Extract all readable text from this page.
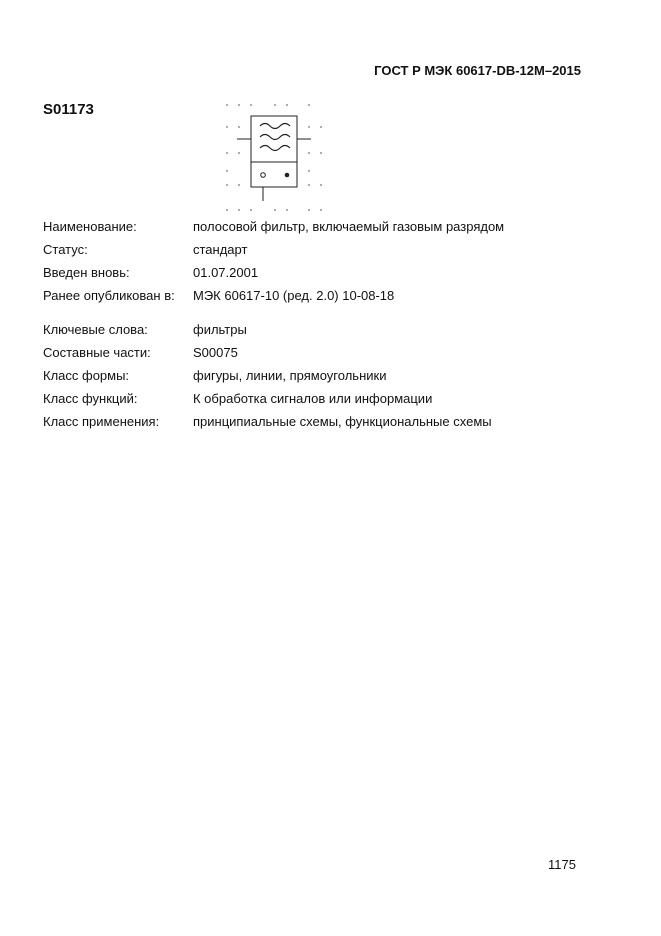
ГОСТ Р МЭК 60617-DB-12M–2015
S01173
Наименование:	полосовой фильтр, включаемый газовым разрядом
Статус:	стандарт
Введен вновь:	01.07.2001
Ранее опубликован в: МЭК 60617-10 (ред. 2.0) 10-08-18
Ключевые слова:	фильтры
Составные части:	S00075
Класс формы:	фигуры, линии, прямоугольники
Класс функций:	К обработка сигналов или информации
Класс применения:	принципиальные схемы, функциональные схемы
1175
